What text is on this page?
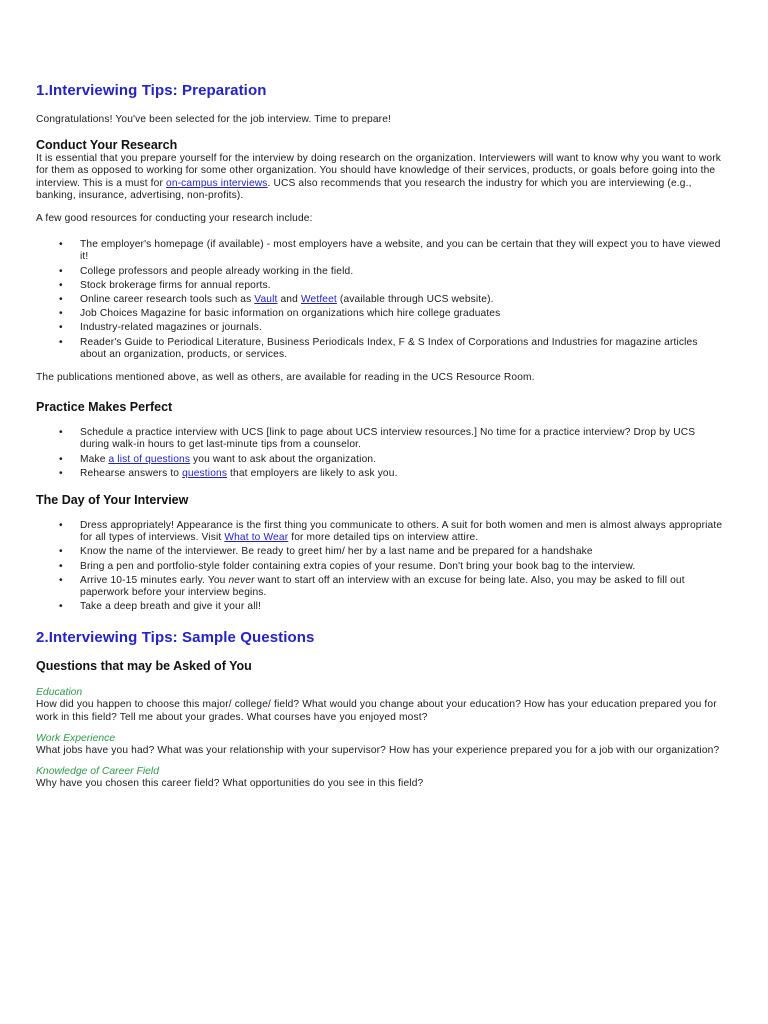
1.Interviewing Tips: Preparation

Congratulations! You've been selected for the job interview. Time to prepare!

Conduct Your Research

It is essential that you prepare yourself for the interview by doing research on the organization. Interviewers will want to know why you want to work for them as opposed to working for some other organization. You should have knowledge of their services, products, or goals before going into the interview. This is a must for on-campus interviews. UCS also recommends that you research the industry for which you are interviewing (e.g., banking, insurance, advertising, non-profits).

A few good resources for conducting your research include:

• The employer's homepage (if available) - most employers have a website, and you can be certain that they will expect you to have viewed it!
• College professors and people already working in the field.
• Stock brokerage firms for annual reports.
• Online career research tools such as Vault and Wetfeet (available through UCS website).
• Job Choices Magazine for basic information on organizations which hire college graduates
• Industry-related magazines or journals.
• Reader's Guide to Periodical Literature, Business Periodicals Index, F & S Index of Corporations and Industries for magazine articles about an organization, products, or services.

The publications mentioned above, as well as others, are available for reading in the UCS Resource Room.

Practice Makes Perfect
• Schedule a practice interview with UCS [link to page about UCS interview resources.] No time for a practice interview? Drop by UCS during walk-in hours to get last-minute tips from a counselor.
• Make a list of questions you want to ask about the organization.
• Rehearse answers to questions that employers are likely to ask you.
The Day of Your Interview
• Dress appropriately! Appearance is the first thing you communicate to others. A suit for both women and men is almost always appropriate for all types of interviews. Visit What to Wear for more detailed tips on interview attire.
• Know the name of the interviewer. Be ready to greet him/ her by a last name and be prepared for a handshake
• Bring a pen and portfolio-style folder containing extra copies of your resume. Don't bring your book bag to the interview.
• Arrive 10-15 minutes early. You never want to start off an interview with an excuse for being late. Also, you may be asked to fill out paperwork before your interview begins.
• Take a deep breath and give it your all!
2.Interviewing Tips: Sample Questions
Questions that may be Asked of You

Education

How did you happen to choose this major/ college/ field? What would you change about your education? How has your education prepared you for work in this field? Tell me about your grades. What courses have you enjoyed most?

Work Experience

What jobs have you had? What was your relationship with your supervisor? How has your experience prepared you for a job with our organization?

Knowledge of Career Field

Why have you chosen this career field? What opportunities do you see in this field?
